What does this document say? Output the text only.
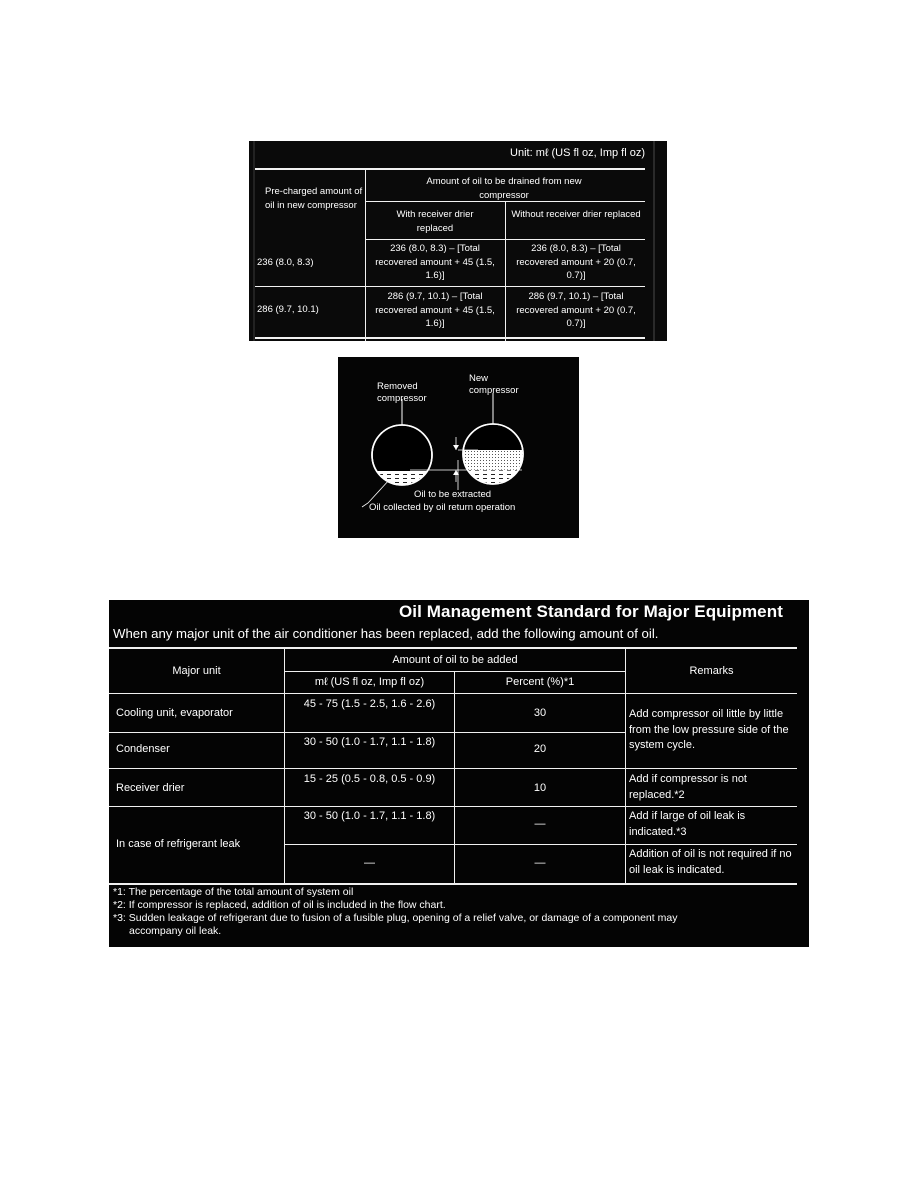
Unit: mℓ (US fl oz, Imp fl oz)
Pre-charged amount of oil in new compressor
Amount of oil to be drained from new compressor
With receiver drier replaced
Without receiver drier replaced
236 (8.0, 8.3)
236 (8.0, 8.3) – [Total recovered amount + 45 (1.5, 1.6)]
236 (8.0, 8.3) – [Total recovered amount + 20 (0.7, 0.7)]
286 (9.7, 10.1)
286 (9.7, 10.1) – [Total recovered amount + 45 (1.5, 1.6)]
286 (9.7, 10.1) – [Total recovered amount + 20 (0.7, 0.7)]
Removed compressor
New compressor
Oil to be extracted
Oil collected by oil return operation
Oil Management Standard for Major Equipment
When any major unit of the air conditioner has been replaced, add the following amount of oil.
Major unit
Amount of oil to be added
mℓ (US fl oz, Imp fl oz)	Percent (%)*1
Remarks
Cooling unit, evaporator
45 - 75 (1.5 - 2.5, 1.6 - 2.6)
30
Condenser
30 - 50 (1.0 - 1.7, 1.1 - 1.8)
20
Add compressor oil little by little from the low pressure side of the system cycle.
Receiver drier
15 - 25 (0.5 - 0.8, 0.5 - 0.9)
10
Add if compressor is not replaced.*2
In case of refrigerant leak
30 - 50 (1.0 - 1.7, 1.1 - 1.8)
—
Add if large of oil leak is indicated.*3
—	—
Addition of oil is not required if no oil leak is indicated.
*1: The percentage of the total amount of system oil
*2: If compressor is replaced, addition of oil is included in the flow chart.
*3: Sudden leakage of refrigerant due to fusion of a fusible plug, opening of a relief valve, or damage of a component may
accompany oil leak.
